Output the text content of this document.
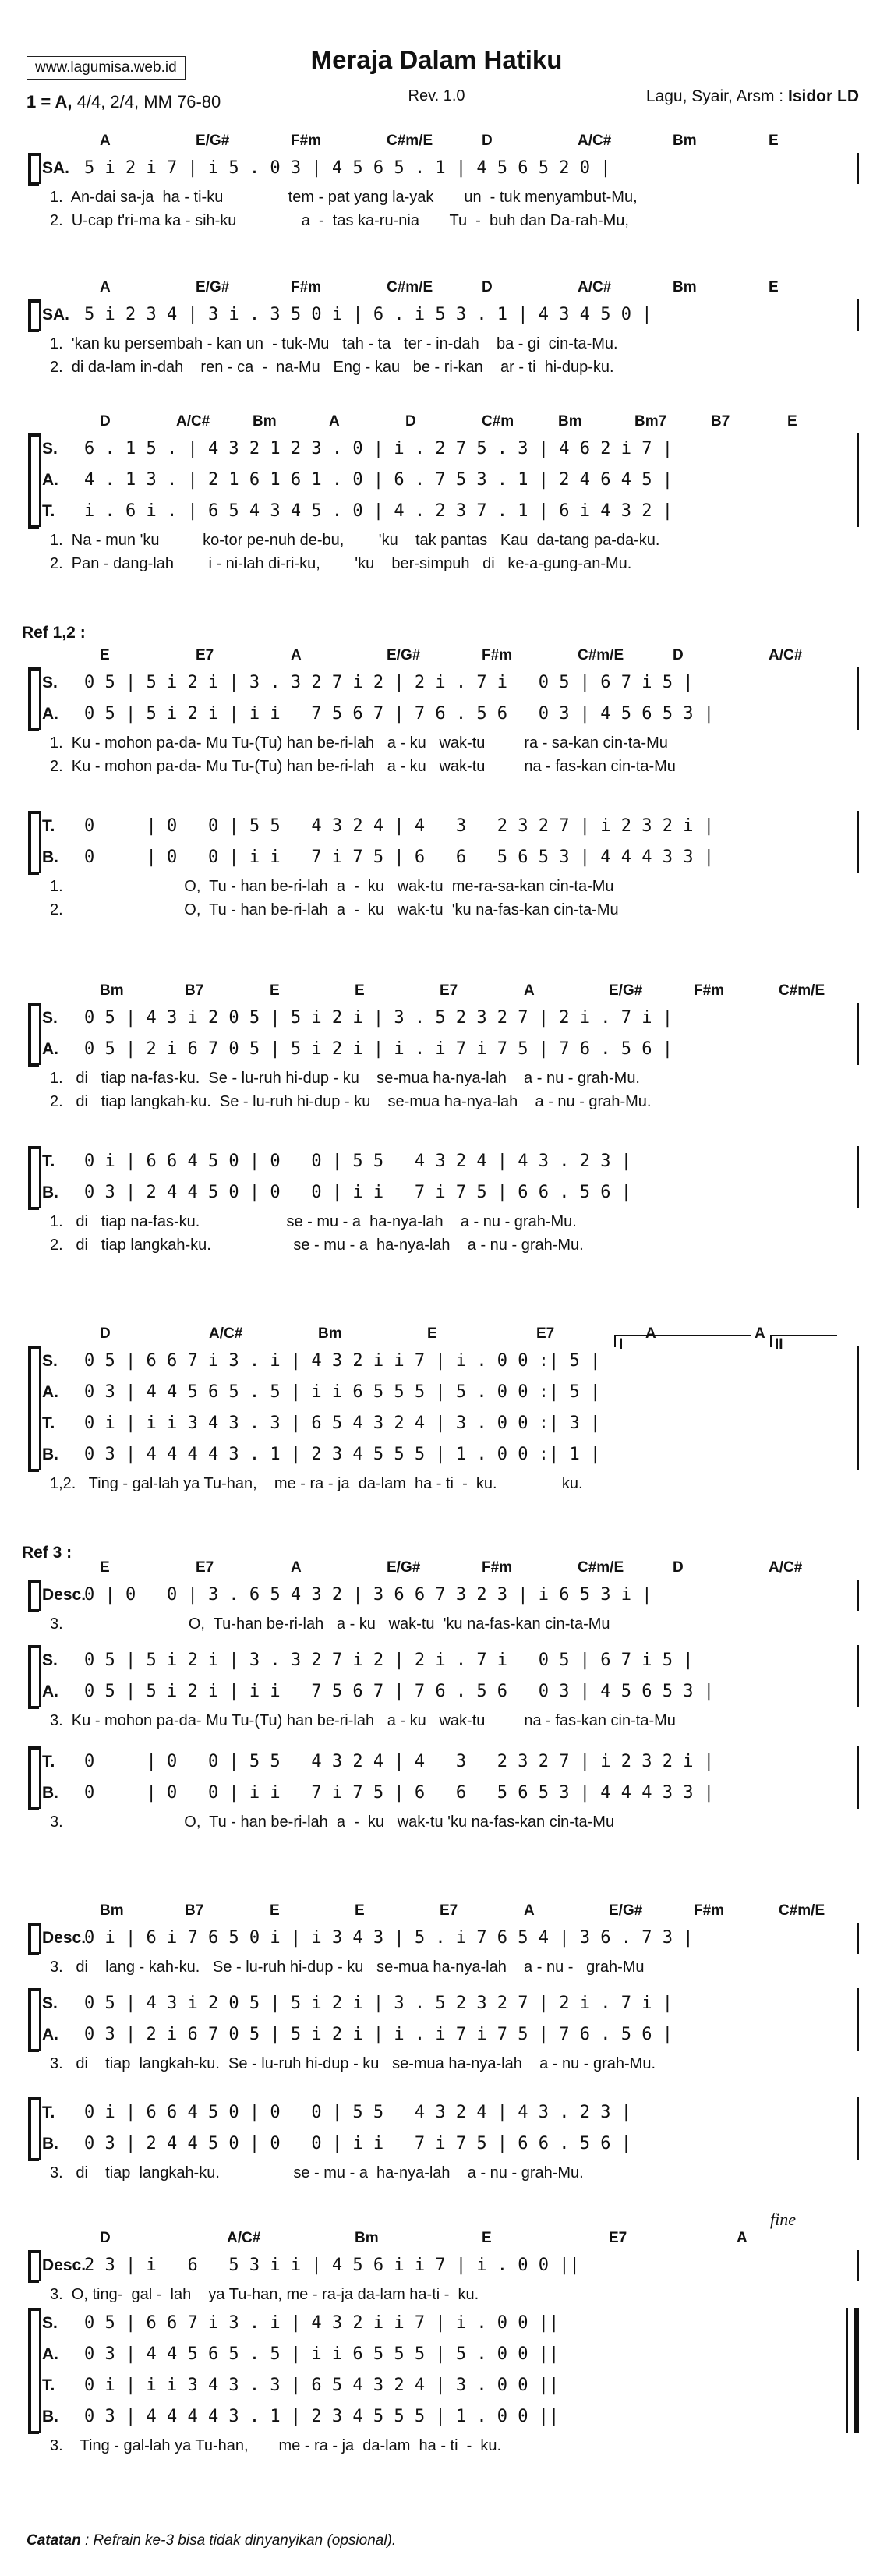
www.lagumisa.web.id	Meraja Dalam Hatiku
Rev. 1.0
1 = A, 4/4, 2/4, MM 76-80	Lagu, Syair, Arsm : Isidor LD
Ref 1,2 :
Ref 3 :
A	E/G#	F#m	C#m/E	D	A/C#	Bm	E
SA. 5 i 2 i 7 | i 5 . 0 3 | 4 5 6 5 . 1 | 4 5 6 5 2 0 |
1.  An-dai sa-ja  ha - ti-ku               tem - pat yang la-yak       un  - tuk menyambut-Mu,
2.  U-cap t'ri-ma ka - sih-ku               a  -  tas ka-ru-nia       Tu  -  buh dan Da-rah-Mu,
A	E/G#	F#m	C#m/E	D	A/C#	Bm	E
SA. 5 i 2 3 4 | 3 i . 3 5 0 i | 6 . i 5 3 . 1 | 4 3 4 5 0 |
1.  'kan ku persembah - kan un  - tuk-Mu   tah - ta   ter - in-dah    ba - gi  cin-ta-Mu.
2.  di da-lam in-dah    ren - ca  -  na-Mu   Eng - kau   be - ri-kan    ar - ti  hi-dup-ku.
D	A/C#	Bm	A	D	C#m	Bm	Bm7	B7	E
S. 6 . 1 5 . | 4 3 2 1 2 3 . 0 | i . 2 7 5 . 3 | 4 6 2 i 7 |
A. 4 . 1 3 . | 2 1 6 1 6 1 . 0 | 6 . 7 5 3 . 1 | 2 4 6 4 5 |
T. i . 6 i . | 6 5 4 3 4 5 . 0 | 4 . 2 3 7 . 1 | 6 i 4 3 2 |
1.  Na - mun 'ku          ko-tor pe-nuh de-bu,        'ku    tak pantas   Kau  da-tang pa-da-ku.
2.  Pan - dang-lah        i - ni-lah di-ri-ku,        'ku    ber-simpuh   di   ke-a-gung-an-Mu.
E	E7	A	E/G#	F#m	C#m/E	D	A/C#
S. 0 5 | 5 i 2 i | 3 . 3 2 7 i 2 | 2 i . 7 i   0 5 | 6 7 i 5 |
A. 0 5 | 5 i 2 i | i i   7 5 6 7 | 7 6 . 5 6   0 3 | 4 5 6 5 3 |
1.  Ku - mohon pa-da- Mu Tu-(Tu) han be-ri-lah   a - ku   wak-tu         ra - sa-kan cin-ta-Mu
2.  Ku - mohon pa-da- Mu Tu-(Tu) han be-ri-lah   a - ku   wak-tu         na - fas-kan cin-ta-Mu
T. 0     | 0   0 | 5 5   4 3 2 4 | 4   3   2 3 2 7 | i 2 3 2 i |
B. 0     | 0   0 | i i   7 i 7 5 | 6   6   5 6 5 3 | 4 4 4 3 3 |
1.                            O,  Tu - han be-ri-lah  a  -  ku   wak-tu  me-ra-sa-kan cin-ta-Mu
2.                            O,  Tu - han be-ri-lah  a  -  ku   wak-tu  'ku na-fas-kan cin-ta-Mu
Bm	B7	E	E	E7	A	E/G#	F#m	C#m/E
S. 0 5 | 4 3 i 2 0 5 | 5 i 2 i | 3 . 5 2 3 2 7 | 2 i . 7 i |
A. 0 5 | 2 i 6 7 0 5 | 5 i 2 i | i . i 7 i 7 5 | 7 6 . 5 6 |
1.   di   tiap na-fas-ku.  Se - lu-ruh hi-dup - ku    se-mua ha-nya-lah    a - nu - grah-Mu.
2.   di   tiap langkah-ku.  Se - lu-ruh hi-dup - ku    se-mua ha-nya-lah    a - nu - grah-Mu.
T. 0 i | 6 6 4 5 0 | 0   0 | 5 5   4 3 2 4 | 4 3 . 2 3 |
B. 0 3 | 2 4 4 5 0 | 0   0 | i i   7 i 7 5 | 6 6 . 5 6 |
1.   di   tiap na-fas-ku.                    se - mu - a  ha-nya-lah    a - nu - grah-Mu.
2.   di   tiap langkah-ku.                   se - mu - a  ha-nya-lah    a - nu - grah-Mu.
D	A/C#	Bm	E	E7	A	A
S. 0 5 | 6 6 7 i 3 . i | 4 3 2 i i 7 | i . 0 0 :| 5 |
A. 0 3 | 4 4 5 6 5 . 5 | i i 6 5 5 5 | 5 . 0 0 :| 5 |
T. 0 i | i i 3 4 3 . 3 | 6 5 4 3 2 4 | 3 . 0 0 :| 3 |
B. 0 3 | 4 4 4 4 3 . 1 | 2 3 4 5 5 5 | 1 . 0 0 :| 1 |
I	II
1,2.   Ting - gal-lah ya Tu-han,    me - ra - ja  da-lam  ha - ti  -  ku.               ku.
E	E7	A	E/G#	F#m	C#m/E	D	A/C#
Desc.
0 | 0   0 | 3 . 6 5 4 3 2 | 3 6 6 7 3 2 3 | i 6 5 3 i |
3.                             O,  Tu-han be-ri-lah   a - ku   wak-tu  'ku na-fas-kan cin-ta-Mu
S. 0 5 | 5 i 2 i | 3 . 3 2 7 i 2 | 2 i . 7 i   0 5 | 6 7 i 5 |
A. 0 5 | 5 i 2 i | i i   7 5 6 7 | 7 6 . 5 6   0 3 | 4 5 6 5 3 |
3.  Ku - mohon pa-da- Mu Tu-(Tu) han be-ri-lah   a - ku   wak-tu         na - fas-kan cin-ta-Mu
T. 0     | 0   0 | 5 5   4 3 2 4 | 4   3   2 3 2 7 | i 2 3 2 i |
B. 0     | 0   0 | i i   7 i 7 5 | 6   6   5 6 5 3 | 4 4 4 3 3 |
3.                            O,  Tu - han be-ri-lah  a  -  ku   wak-tu 'ku na-fas-kan cin-ta-Mu
Bm	B7	E	E	E7	A	E/G#	F#m	C#m/E
Desc.
0 i | 6 i 7 6 5 0 i | i 3 4 3 | 5 . i 7 6 5 4 | 3 6 . 7 3 |
3.   di    lang - kah-ku.   Se - lu-ruh hi-dup - ku   se-mua ha-nya-lah    a - nu -   grah-Mu
S. 0 5 | 4 3 i 2 0 5 | 5 i 2 i | 3 . 5 2 3 2 7 | 2 i . 7 i |
A. 0 3 | 2 i 6 7 0 5 | 5 i 2 i | i . i 7 i 7 5 | 7 6 . 5 6 |
3.   di    tiap  langkah-ku.  Se - lu-ruh hi-dup - ku   se-mua ha-nya-lah    a - nu - grah-Mu.
T. 0 i | 6 6 4 5 0 | 0   0 | 5 5   4 3 2 4 | 4 3 . 2 3 |
B. 0 3 | 2 4 4 5 0 | 0   0 | i i   7 i 7 5 | 6 6 . 5 6 |
3.   di    tiap  langkah-ku.                 se - mu - a  ha-nya-lah    a - nu - grah-Mu.
D	A/C#	Bm	E	E7	A
Desc.
2 3 | i   6   5 3 i i | 4 5 6 i i 7 | i . 0 0 ||
fine
3.  O, ting-  gal -  lah    ya Tu-han, me - ra-ja da-lam ha-ti -  ku.
S. 0 5 | 6 6 7 i 3 . i | 4 3 2 i i 7 | i . 0 0 ||
A. 0 3 | 4 4 5 6 5 . 5 | i i 6 5 5 5 | 5 . 0 0 ||
T. 0 i | i i 3 4 3 . 3 | 6 5 4 3 2 4 | 3 . 0 0 ||
B. 0 3 | 4 4 4 4 3 . 1 | 2 3 4 5 5 5 | 1 . 0 0 ||
3.    Ting - gal-lah ya Tu-han,       me - ra - ja  da-lam  ha - ti  -  ku.
Catatan : Refrain ke-3 bisa tidak dinyanyikan (opsional).
